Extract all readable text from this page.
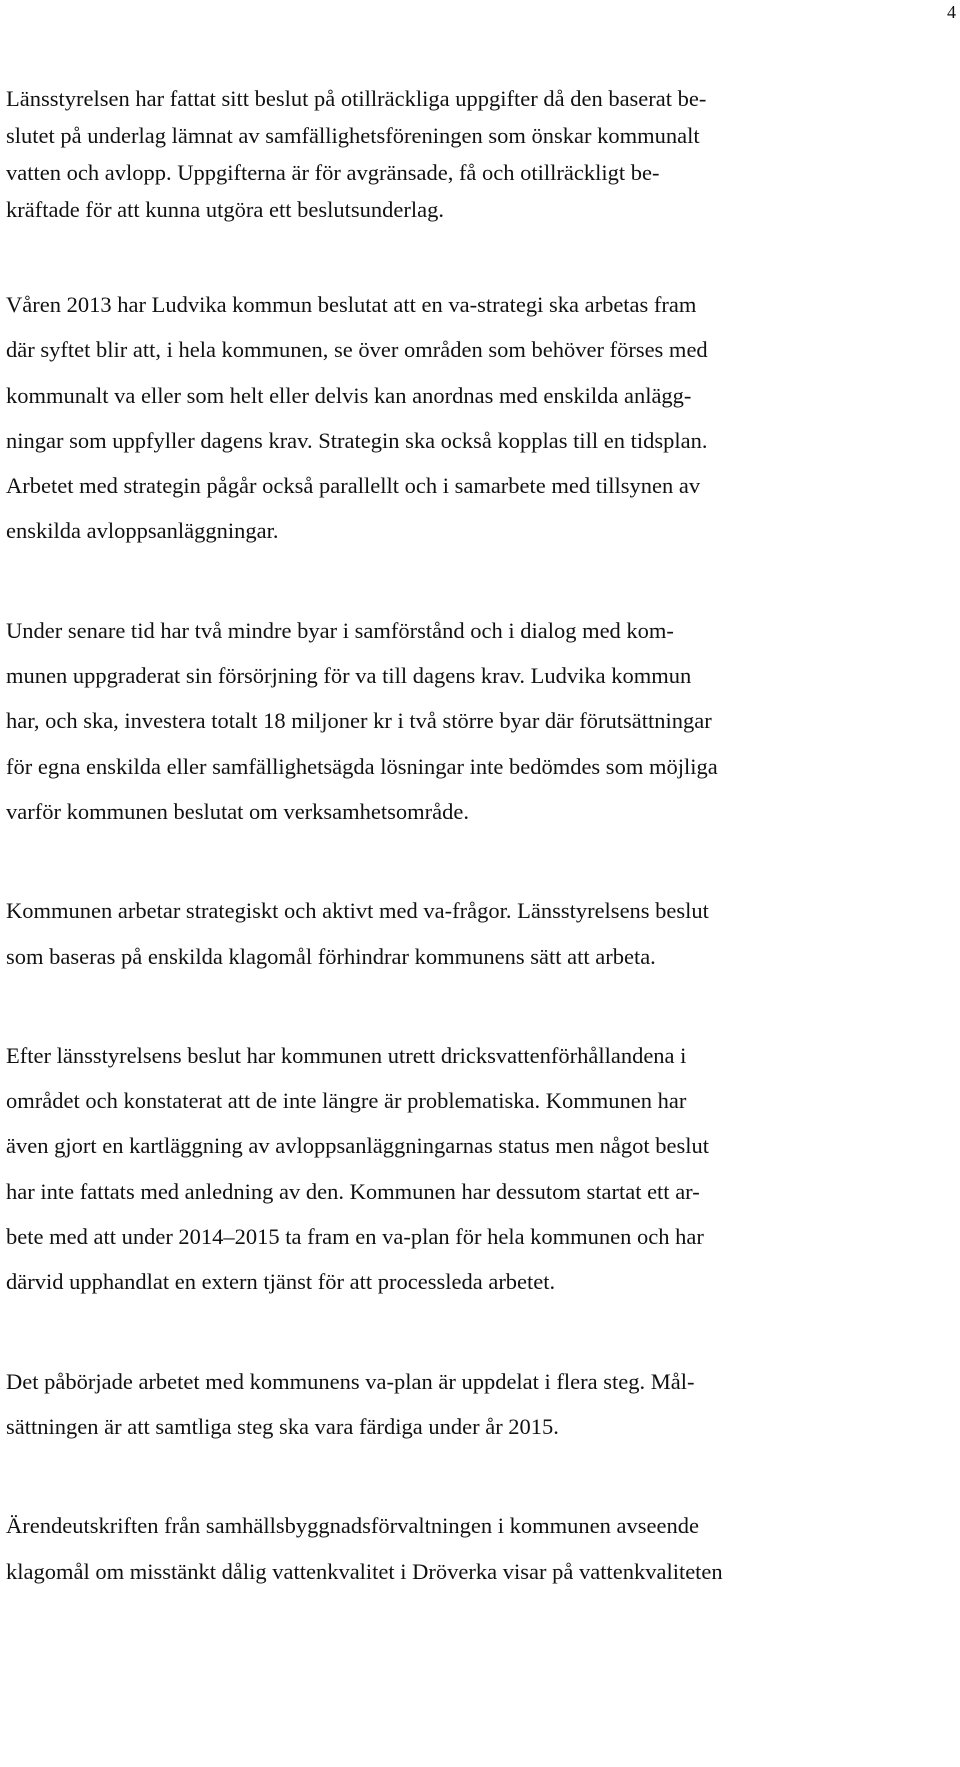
4

Länsstyrelsen har fattat sitt beslut på otillräckliga uppgifter då den baserat be-
slutet på underlag lämnat av samfällighetsföreningen som önskar kommunalt
vatten och avlopp. Uppgifterna är för avgränsade, få och otillräckligt be-
kräftade för att kunna utgöra ett beslutsunderlag.

Våren 2013 har Ludvika kommun beslutat att en va-strategi ska arbetas fram
där syftet blir att, i hela kommunen, se över områden som behöver förses med
kommunalt va eller som helt eller delvis kan anordnas med enskilda anlägg-
ningar som uppfyller dagens krav. Strategin ska också kopplas till en tidsplan.
Arbetet med strategin pågår också parallellt och i samarbete med tillsynen av
enskilda avloppsanläggningar.

Under senare tid har två mindre byar i samförstånd och i dialog med kom-
munen uppgraderat sin försörjning för va till dagens krav. Ludvika kommun
har, och ska, investera totalt 18 miljoner kr i två större byar där förutsättningar
för egna enskilda eller samfällighetsägda lösningar inte bedömdes som möjliga
varför kommunen beslutat om verksamhetsområde.

Kommunen arbetar strategiskt och aktivt med va-frågor. Länsstyrelsens beslut
som baseras på enskilda klagomål förhindrar kommunens sätt att arbeta.

Efter länsstyrelsens beslut har kommunen utrett dricksvattenförhållandena i
området och konstaterat att de inte längre är problematiska. Kommunen har
även gjort en kartläggning av avloppsanläggningarnas status men något beslut
har inte fattats med anledning av den. Kommunen har dessutom startat ett ar-
bete med att under 2014–2015 ta fram en va-plan för hela kommunen och har
därvid upphandlat en extern tjänst för att processleda arbetet.

Det påbörjade arbetet med kommunens va-plan är uppdelat i flera steg. Mål-
sättningen är att samtliga steg ska vara färdiga under år 2015.

Ärendeutskriften från samhällsbyggnadsförvaltningen i kommunen avseende
klagomål om misstänkt dålig vattenkvalitet i Dröverka visar på vattenkvaliteten
